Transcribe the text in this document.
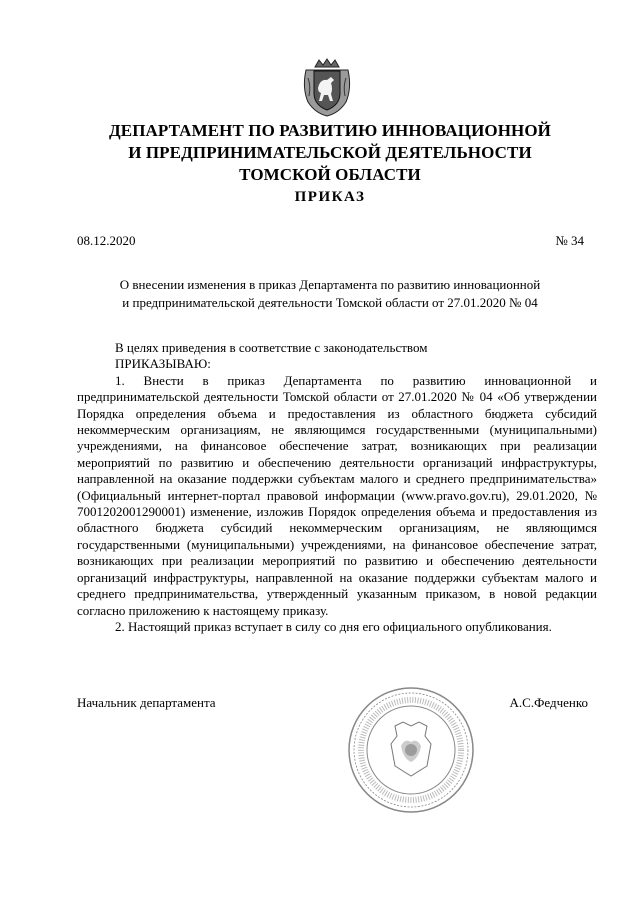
ДЕПАРТАМЕНТ ПО РАЗВИТИЮ ИННОВАЦИОННОЙ
И ПРЕДПРИНИМАТЕЛЬСКОЙ ДЕЯТЕЛЬНОСТИ
ТОМСКОЙ ОБЛАСТИ
ПРИКАЗ
08.12.2020	№ 34
О внесении изменения в приказ Департамента по развитию инновационной
и предпринимательской деятельности Томской области от 27.01.2020 № 04

В целях приведения в соответствие с законодательством

ПРИКАЗЫВАЮ:

1. Внести в приказ Департамента по развитию инновационной и предпринимательской деятельности Томской области от 27.01.2020 № 04 «Об утверждении Порядка определения объема и предоставления из областного бюджета субсидий некоммерческим организациям, не являющимся государственными (муниципальными) учреждениями, на финансовое обеспечение затрат, возникающих при реализации мероприятий по развитию и обеспечению деятельности организаций инфраструктуры, направленной на оказание поддержки субъектам малого и среднего предпринимательства» (Официальный интернет-портал правовой информации (www.pravo.gov.ru), 29.01.2020, № 7001202001290001) изменение, изложив Порядок определения объема и предоставления из областного бюджета субсидий некоммерческим организациям, не являющимся государственными (муниципальными) учреждениями, на финансовое обеспечение затрат, возникающих при реализации мероприятий по развитию и обеспечению деятельности организаций инфраструктуры, направленной на оказание поддержки субъектам малого и среднего предпринимательства, утвержденный указанным приказом, в новой редакции согласно приложению к настоящему приказу.

2. Настоящий приказ вступает в силу со дня его официального опубликования.

Начальник департамента	А.С.Федченко
